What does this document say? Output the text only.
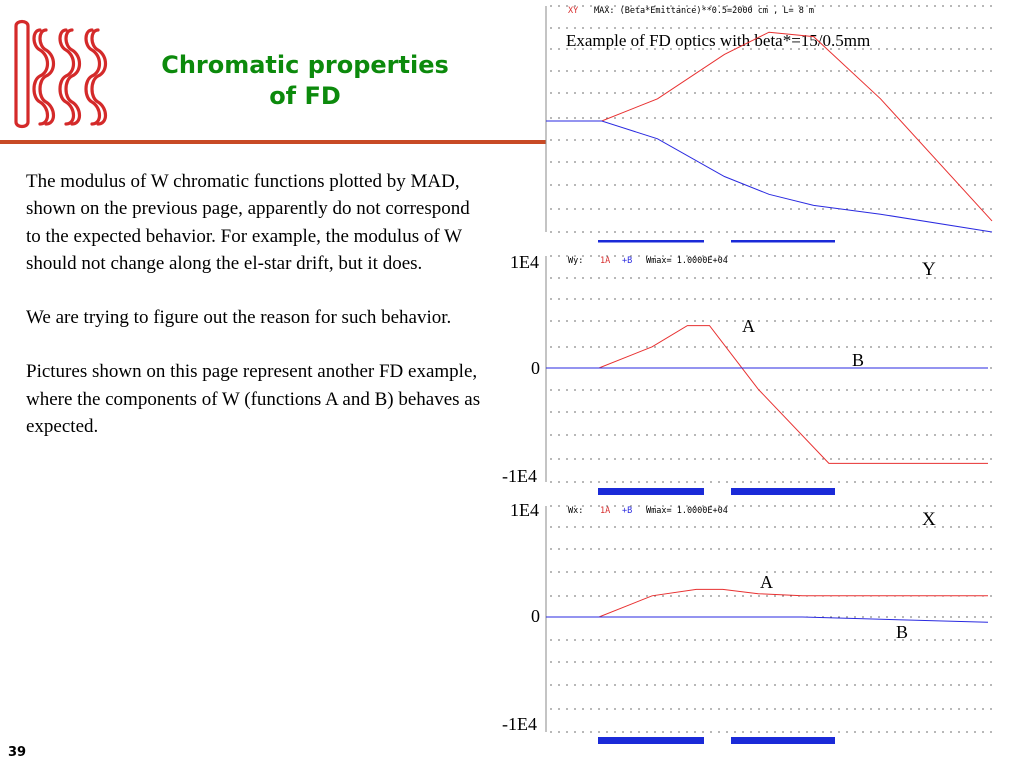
Chromatic properties
of FD

The modulus of W chromatic functions plotted by MAD, shown on the previous page, apparently do not correspond to the expected behavior. For example, the modulus of W should not change along the el-star drift, but it does.

We are trying to figure out the reason for such behavior.

Pictures shown on this page represent another FD example, where the components of W (functions A and B) behaves as expected.

XY MAX: (Beta*Emittance)**0.5=2000 cm , L= 8 m
Example of FD optics with beta*=15/0.5mm
Wy: 1A +B Wmax= 1.0000E+04	Y
A
B
Wx: 1A +B Wmax= 1.0000E+04	X
A
B
1E4
0
-1E4
1E4
0
-1E4
39
